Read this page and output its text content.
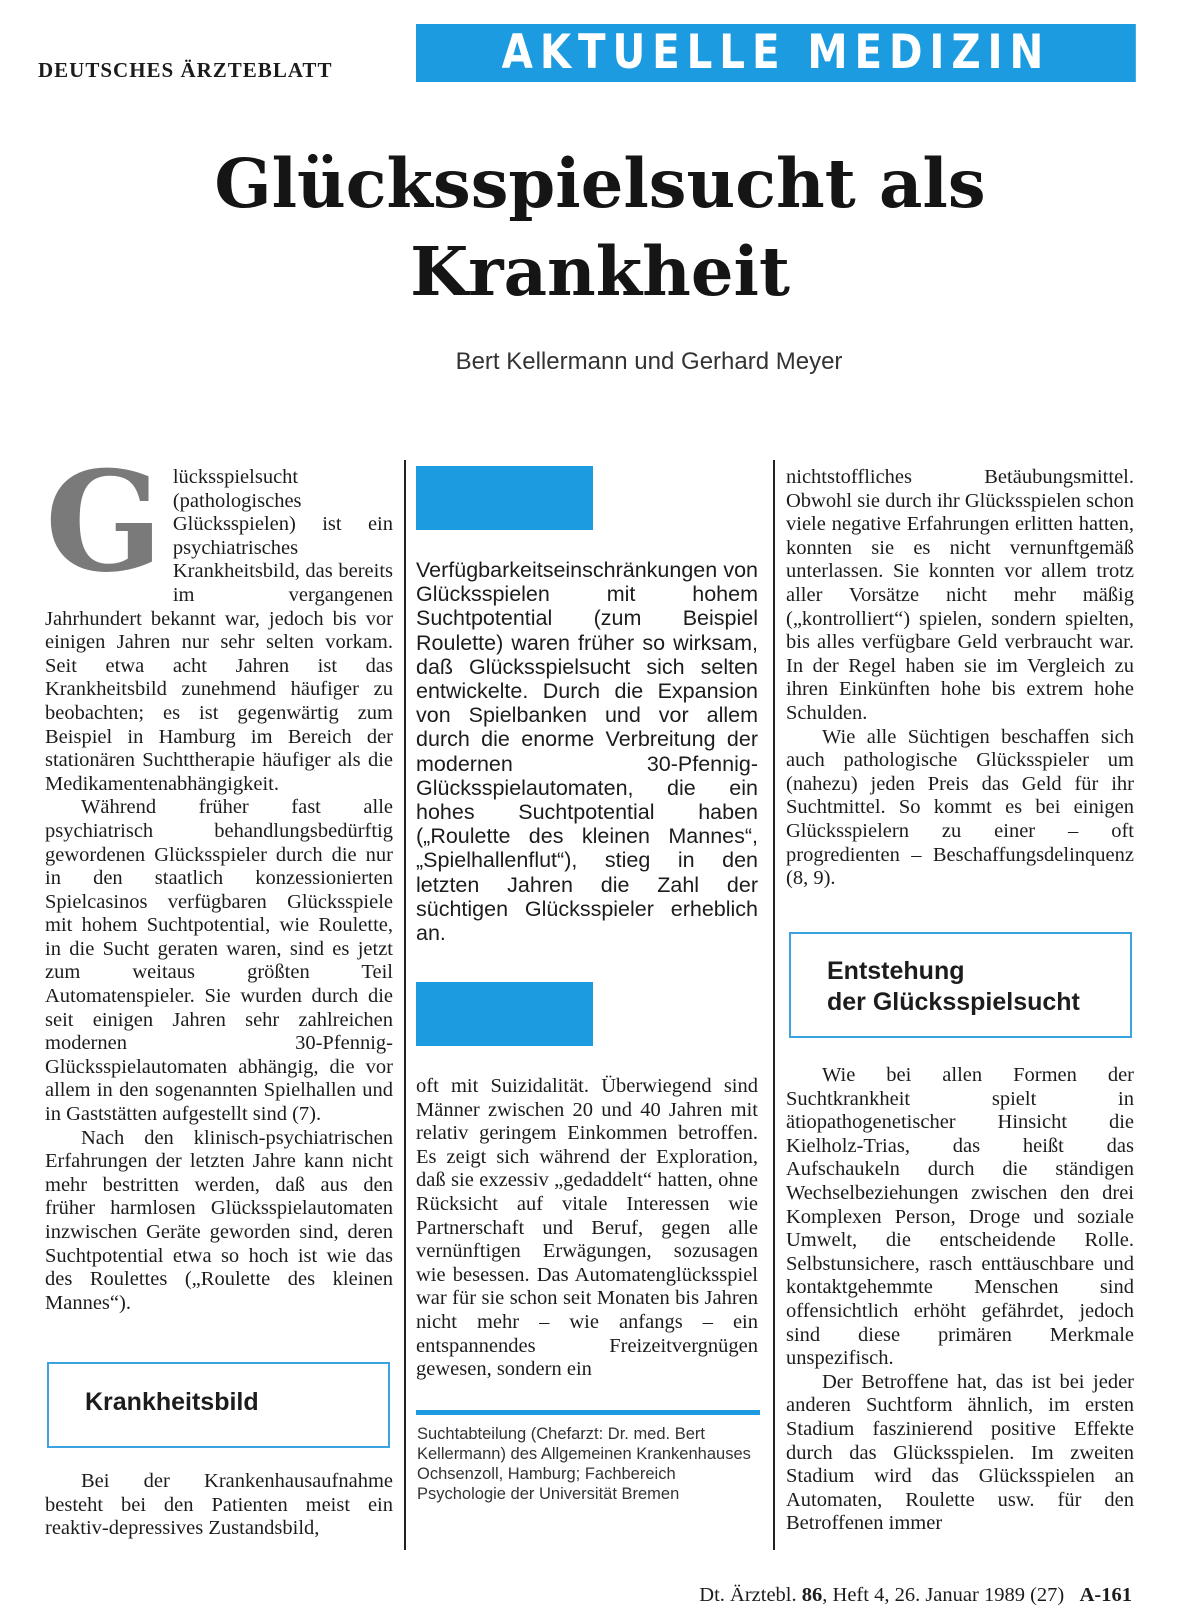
DEUTSCHES ÄRZTEBLATT	AKTUELLE MEDIZIN
Glücksspielsucht als Krankheit
Bert Kellermann und Gerhard Meyer

G lücksspielsucht (pathologisches Glücksspielen) ist ein psychiatrisches Krankheitsbild, das bereits im vergangenen Jahrhundert bekannt war, jedoch bis vor einigen Jahren nur sehr selten vorkam. Seit etwa acht Jahren ist das Krankheitsbild zunehmend häufiger zu beobachten; es ist gegenwärtig zum Beispiel in Hamburg im Bereich der stationären Suchttherapie häufiger als die Medikamentenabhängigkeit.

Während früher fast alle psychiatrisch behandlungsbedürftig gewordenen Glücksspieler durch die nur in den staatlich konzessionierten Spielcasinos verfügbaren Glücksspiele mit hohem Suchtpotential, wie Roulette, in die Sucht geraten waren, sind es jetzt zum weitaus größten Teil Automatenspieler. Sie wurden durch die seit einigen Jahren sehr zahlreichen modernen 30-Pfennig-Glücksspielautomaten abhängig, die vor allem in den sogenannten Spielhallen und in Gaststätten aufgestellt sind (7).

Nach den klinisch-psychiatrischen Erfahrungen der letzten Jahre kann nicht mehr bestritten werden, daß aus den früher harmlosen Glücksspielautomaten inzwischen Geräte geworden sind, deren Suchtpotential etwa so hoch ist wie das des Roulettes („Roulette des kleinen Mannes“).

Krankheitsbild

Bei der Krankenhausaufnahme besteht bei den Patienten meist ein reaktiv-depressives Zustandsbild,

Verfügbarkeitseinschränkungen von Glücksspielen mit hohem Suchtpotential (zum Beispiel Roulette) waren früher so wirksam, daß Glücksspielsucht sich selten entwickelte. Durch die Expansion von Spielbanken und vor allem durch die enorme Verbreitung der modernen 30-Pfennig-Glücksspielautomaten, die ein hohes Suchtpotential haben („Roulette des kleinen Mannes“, „Spielhallenflut“), stieg in den letzten Jahren die Zahl der süchtigen Glücksspieler erheblich an.

oft mit Suizidalität. Überwiegend sind Männer zwischen 20 und 40 Jahren mit relativ geringem Einkommen betroffen. Es zeigt sich während der Exploration, daß sie exzessiv „gedaddelt“ hatten, ohne Rücksicht auf vitale Interessen wie Partnerschaft und Beruf, gegen alle vernünftigen Erwägungen, sozusagen wie besessen. Das Automatenglücksspiel war für sie schon seit Monaten bis Jahren nicht mehr – wie anfangs – ein entspannendes Freizeitvergnügen gewesen, sondern ein

Suchtabteilung (Chefarzt: Dr. med. Bert Kellermann) des Allgemeinen Krankenhauses Ochsenzoll, Hamburg; Fachbereich Psychologie der Universität Bremen

nichtstoffliches Betäubungsmittel. Obwohl sie durch ihr Glücksspielen schon viele negative Erfahrungen erlitten hatten, konnten sie es nicht vernunftgemäß unterlassen. Sie konnten vor allem trotz aller Vorsätze nicht mehr mäßig („kontrolliert“) spielen, sondern spielten, bis alles verfügbare Geld verbraucht war. In der Regel haben sie im Vergleich zu ihren Einkünften hohe bis extrem hohe Schulden.

Wie alle Süchtigen beschaffen sich auch pathologische Glücksspieler um (nahezu) jeden Preis das Geld für ihr Suchtmittel. So kommt es bei einigen Glücksspielern zu einer – oft progredienten – Beschaffungsdelinquenz (8, 9).

Entstehung
der Glücksspielsucht

Wie bei allen Formen der Suchtkrankheit spielt in ätiopathogenetischer Hinsicht die Kielholz-Trias, das heißt das Aufschaukeln durch die ständigen Wechselbeziehungen zwischen den drei Komplexen Person, Droge und soziale Umwelt, die entscheidende Rolle. Selbstunsichere, rasch enttäuschbare und kontaktgehemmte Menschen sind offensichtlich erhöht gefährdet, jedoch sind diese primären Merkmale unspezifisch.

Der Betroffene hat, das ist bei jeder anderen Suchtform ähnlich, im ersten Stadium faszinierend positive Effekte durch das Glücksspielen. Im zweiten Stadium wird das Glücksspielen an Automaten, Roulette usw. für den Betroffenen immer

Dt. Ärztebl. 86, Heft 4, 26. Januar 1989 (27) A-161
